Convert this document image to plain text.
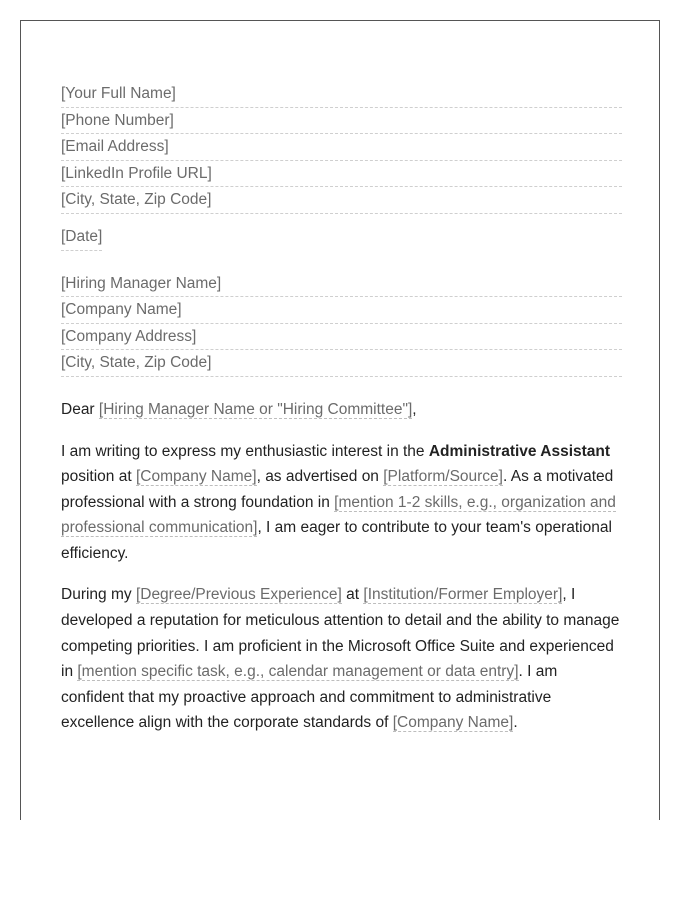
[Your Full Name]
[Phone Number]
[Email Address]
[LinkedIn Profile URL]
[City, State, Zip Code]
[Date]
[Hiring Manager Name]
[Company Name]
[Company Address]
[City, State, Zip Code]
Dear [Hiring Manager Name or "Hiring Committee"],
I am writing to express my enthusiastic interest in the Administrative Assistant position at [Company Name], as advertised on [Platform/Source]. As a motivated professional with a strong foundation in [mention 1-2 skills, e.g., organization and professional communication], I am eager to contribute to your team's operational efficiency.
During my [Degree/Previous Experience] at [Institution/Former Employer], I developed a reputation for meticulous attention to detail and the ability to manage competing priorities. I am proficient in the Microsoft Office Suite and experienced in [mention specific task, e.g., calendar management or data entry]. I am confident that my proactive approach and commitment to administrative excellence align with the corporate standards of [Company Name].
